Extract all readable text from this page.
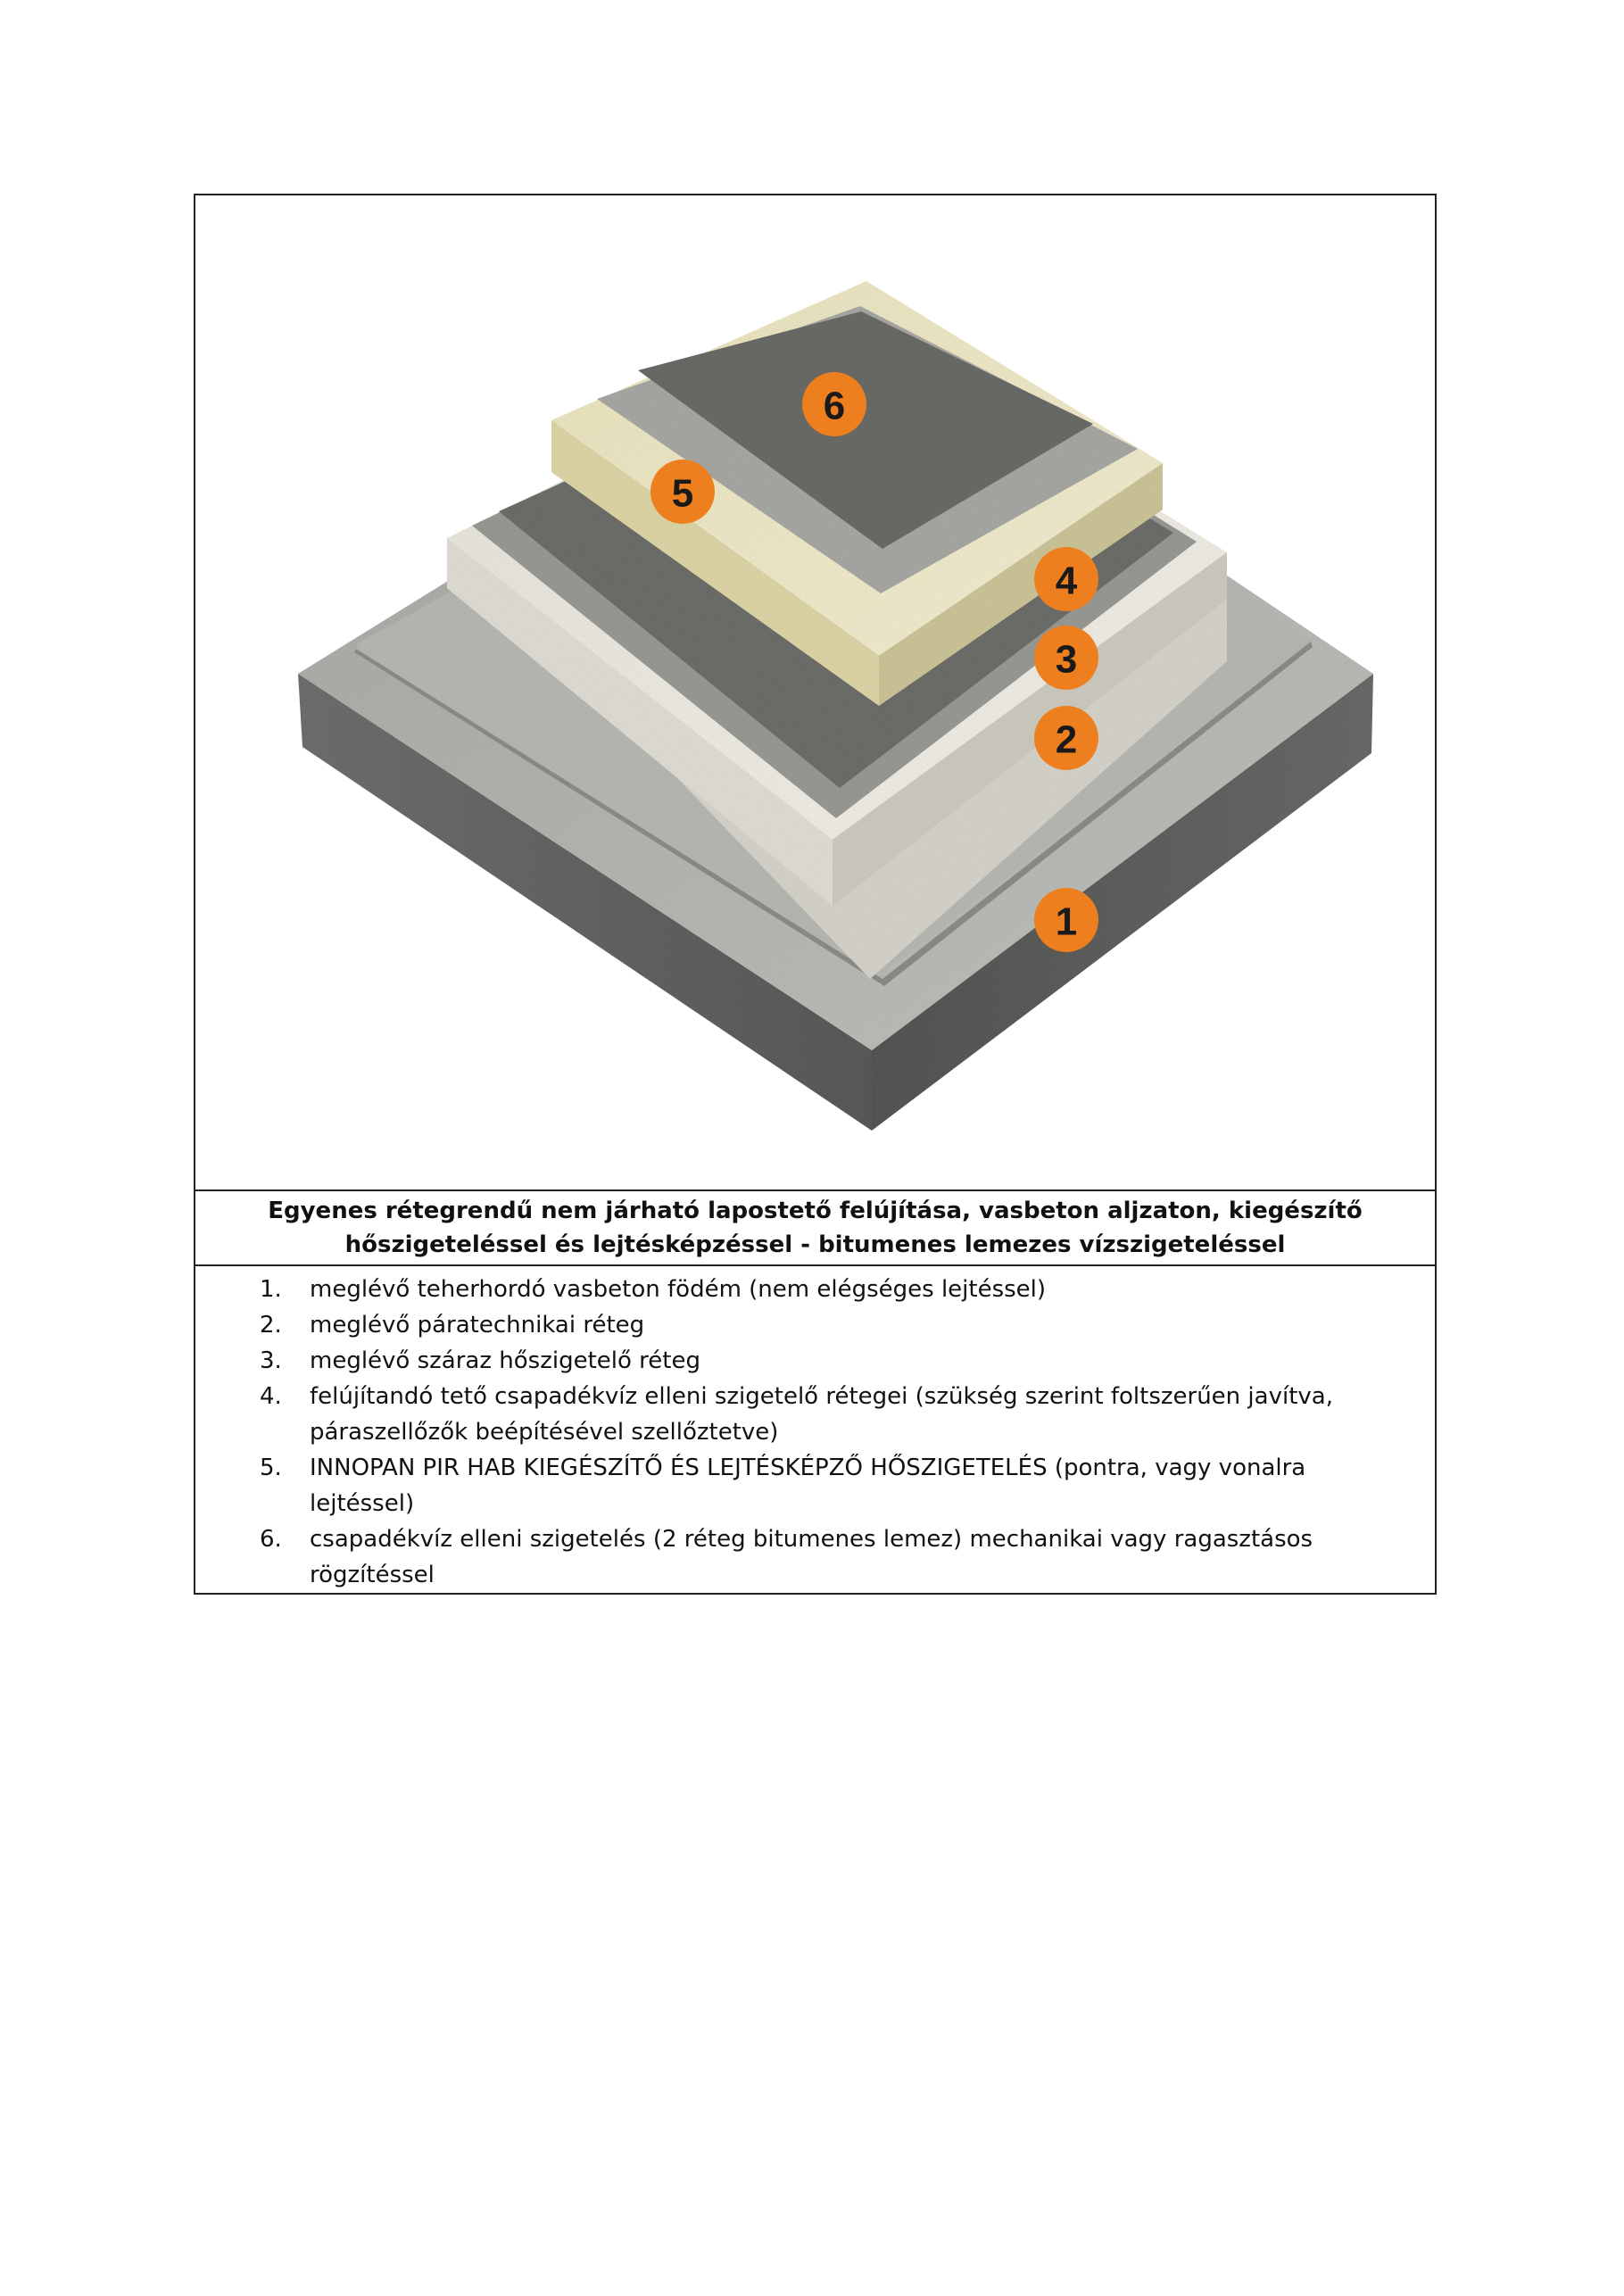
6
5
4
3
2
1
Egyenes rétegrendű nem járható lapostető felújítása, vasbeton aljzaton, kiegészítő
hőszigeteléssel és lejtésképzéssel - bitumenes lemezes vízszigeteléssel
1. meglévő teherhordó vasbeton födém (nem elégséges lejtéssel)
2. meglévő páratechnikai réteg
3. meglévő száraz hőszigetelő réteg
4. felújítandó tető csapadékvíz elleni szigetelő rétegei (szükség szerint foltszerűen javítva,
páraszellőzők beépítésével szellőztetve)
5. INNOPAN PIR HAB KIEGÉSZÍTŐ ÉS LEJTÉSKÉPZŐ HŐSZIGETELÉS (pontra, vagy vonalra
lejtéssel)
6. csapadékvíz elleni szigetelés (2 réteg bitumenes lemez) mechanikai vagy ragasztásos
rögzítéssel
